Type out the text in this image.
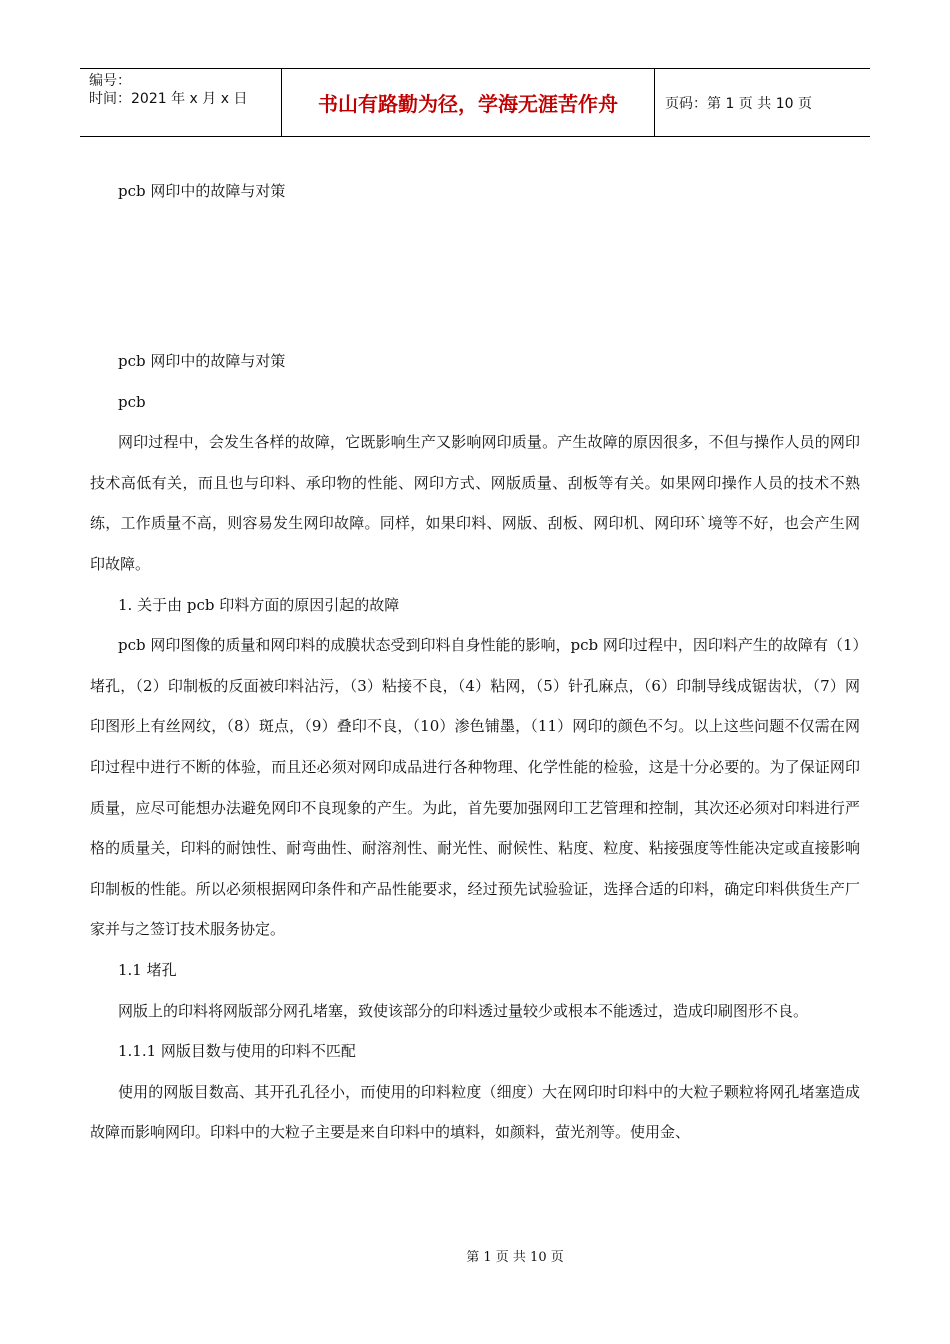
编号：
时间：2021 年 x 月 x 日	书山有路勤为径，学海无涯苦作舟	页码：第 1 页 共 10 页

pcb 网印中的故障与对策

pcb 网印中的故障与对策

pcb

网印过程中，会发生各样的故障，它既影响生产又影响网印质量。产生故障的原因很多，不但与操作人员的网印技术高低有关，而且也与印料、承印物的性能、网印方式、网版质量、刮板等有关。如果网印操作人员的技术不熟练，工作质量不高，则容易发生网印故障。同样，如果印料、网版、刮板、网印机、网印环`境等不好，也会产生网印故障。

1. 关于由 pcb 印料方面的原因引起的故障

pcb 网印图像的质量和网印料的成膜状态受到印料自身性能的影响，pcb 网印过程中，因印料产生的故障有（1）堵孔，（2）印制板的反面被印料沾污，（3）粘接不良，（4）粘网，（5）针孔麻点，（6）印制导线成锯齿状，（7）网印图形上有丝网纹，（8）斑点，（9）叠印不良，（10）渗色铺墨，（11）网印的颜色不匀。以上这些问题不仅需在网印过程中进行不断的体验，而且还必须对网印成品进行各种物理、化学性能的检验，这是十分必要的。为了保证网印质量，应尽可能想办法避免网印不良现象的产生。为此，首先要加强网印工艺管理和控制，其次还必须对印料进行严格的质量关，印料的耐蚀性、耐弯曲性、耐溶剂性、耐光性、耐候性、粘度、粒度、粘接强度等性能决定或直接影响印制板的性能。所以必须根据网印条件和产品性能要求，经过预先试验验证，选择合适的印料，确定印料供货生产厂家并与之签订技术服务协定。

1.1 堵孔

网版上的印料将网版部分网孔堵塞，致使该部分的印料透过量较少或根本不能透过，造成印刷图形不良。

1.1.1 网版目数与使用的印料不匹配

使用的网版目数高、其开孔孔径小，而使用的印料粒度（细度）大在网印时印料中的大粒子颗粒将网孔堵塞造成故障而影响网印。印料中的大粒子主要是来自印料中的填料，如颜料，萤光剂等。使用金、

第 1 页 共 10 页
